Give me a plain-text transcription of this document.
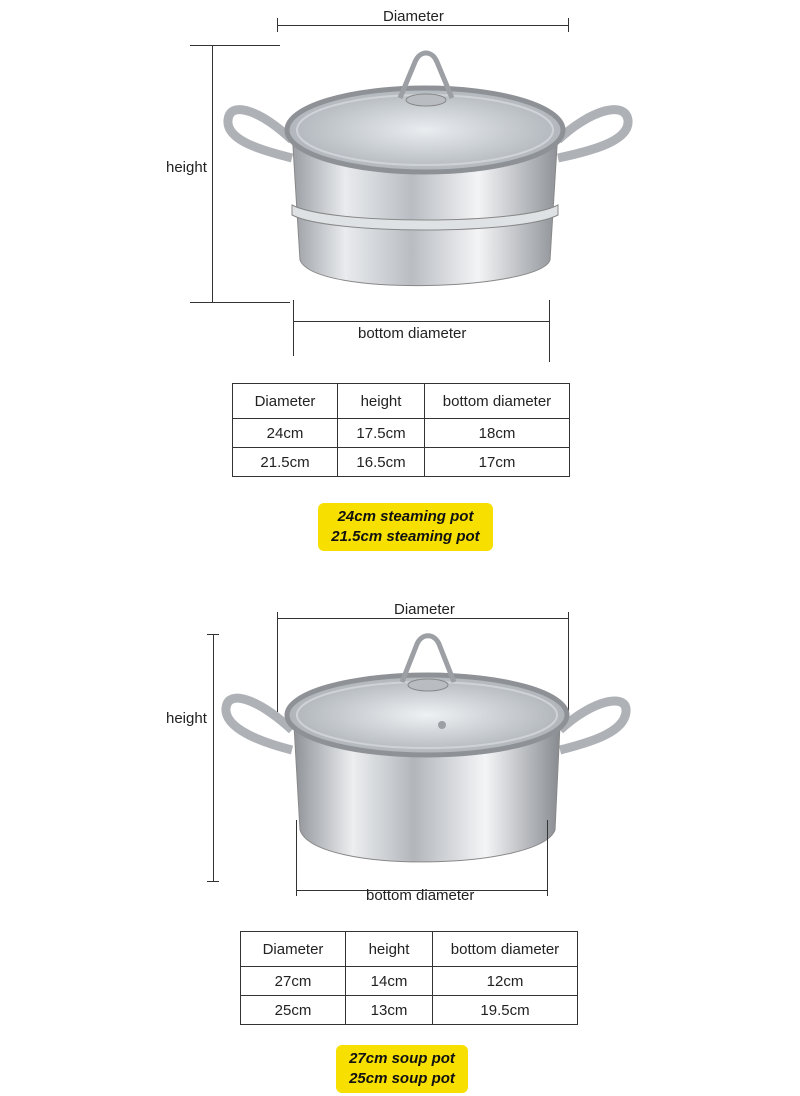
Diameter
height
bottom diameter
Diameter	height	bottom diameter
24cm	17.5cm	18cm
21.5cm	16.5cm	17cm
24cm steaming pot
21.5cm steaming pot
Diameter
height
bottom diameter
Diameter	height	bottom diameter
27cm	14cm	12cm
25cm	13cm	19.5cm
27cm soup pot
25cm soup pot
